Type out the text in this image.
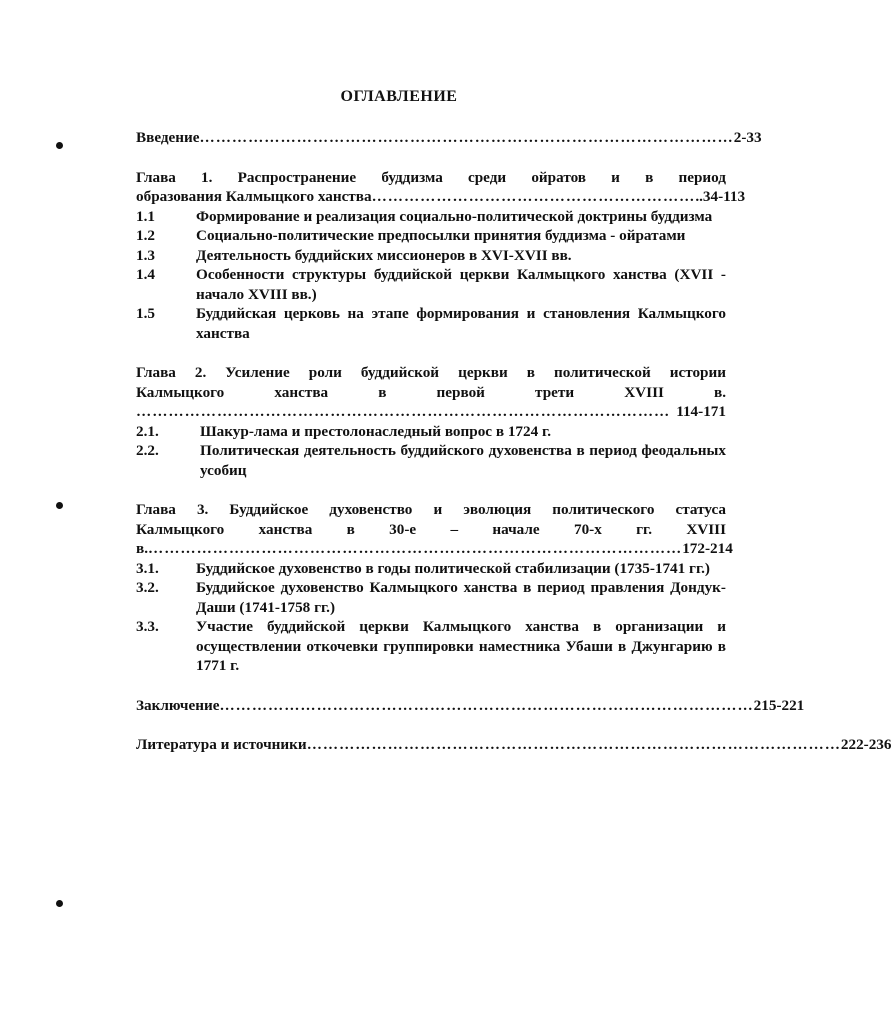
ОГЛАВЛЕНИЕ
Введение ……………………………………………………………………………………… 2-33
Глава 1. Распространение буддизма среди ойратов и в период
образования Калмыцкого ханства …………………………………………………… ..34-113
1.1	Формирование и реализация социально-политической доктрины буддизма
1.2	Социально-политические предпосылки принятия буддизма - ойратами
1.3	Деятельность буддийских миссионеров в XVI-XVII вв.
1.4	Особенности структуры буддийской церкви Калмыцкого ханства (XVII - начало XVIII вв.)
1.5	Буддийская церковь на этапе формирования и становления Калмыцкого ханства
Глава 2. Усиление роли буддийской церкви в политической истории
Калмыцкого ханства в первой трети XVIII в.
……………………………………………………………………………………… 114-171
2.1.	Шакур-лама и престолонаследный вопрос в 1724 г.
2.2.	Политическая деятельность буддийского духовенства в период феодальных усобиц
Глава 3. Буддийское духовенство и эволюция политического статуса
Калмыцкого ханства в 30-е – начале 70-х гг. XVIII
в. ……………………………………………………………………………………… 172-214
3.1.	Буддийское духовенство в годы политической стабилизации (1735-1741 гг.)
3.2.	Буддийское духовенство Калмыцкого ханства в период правления Дондук-Даши (1741-1758 гг.)
3.3.	Участие буддийской церкви Калмыцкого ханства в организации и осуществлении откочевки группировки наместника Убаши в Джунгарию в 1771 г.
Заключение ……………………………………………………………………………………… 215-221
Литература и источники ……………………………………………………………………………………… 222-236
